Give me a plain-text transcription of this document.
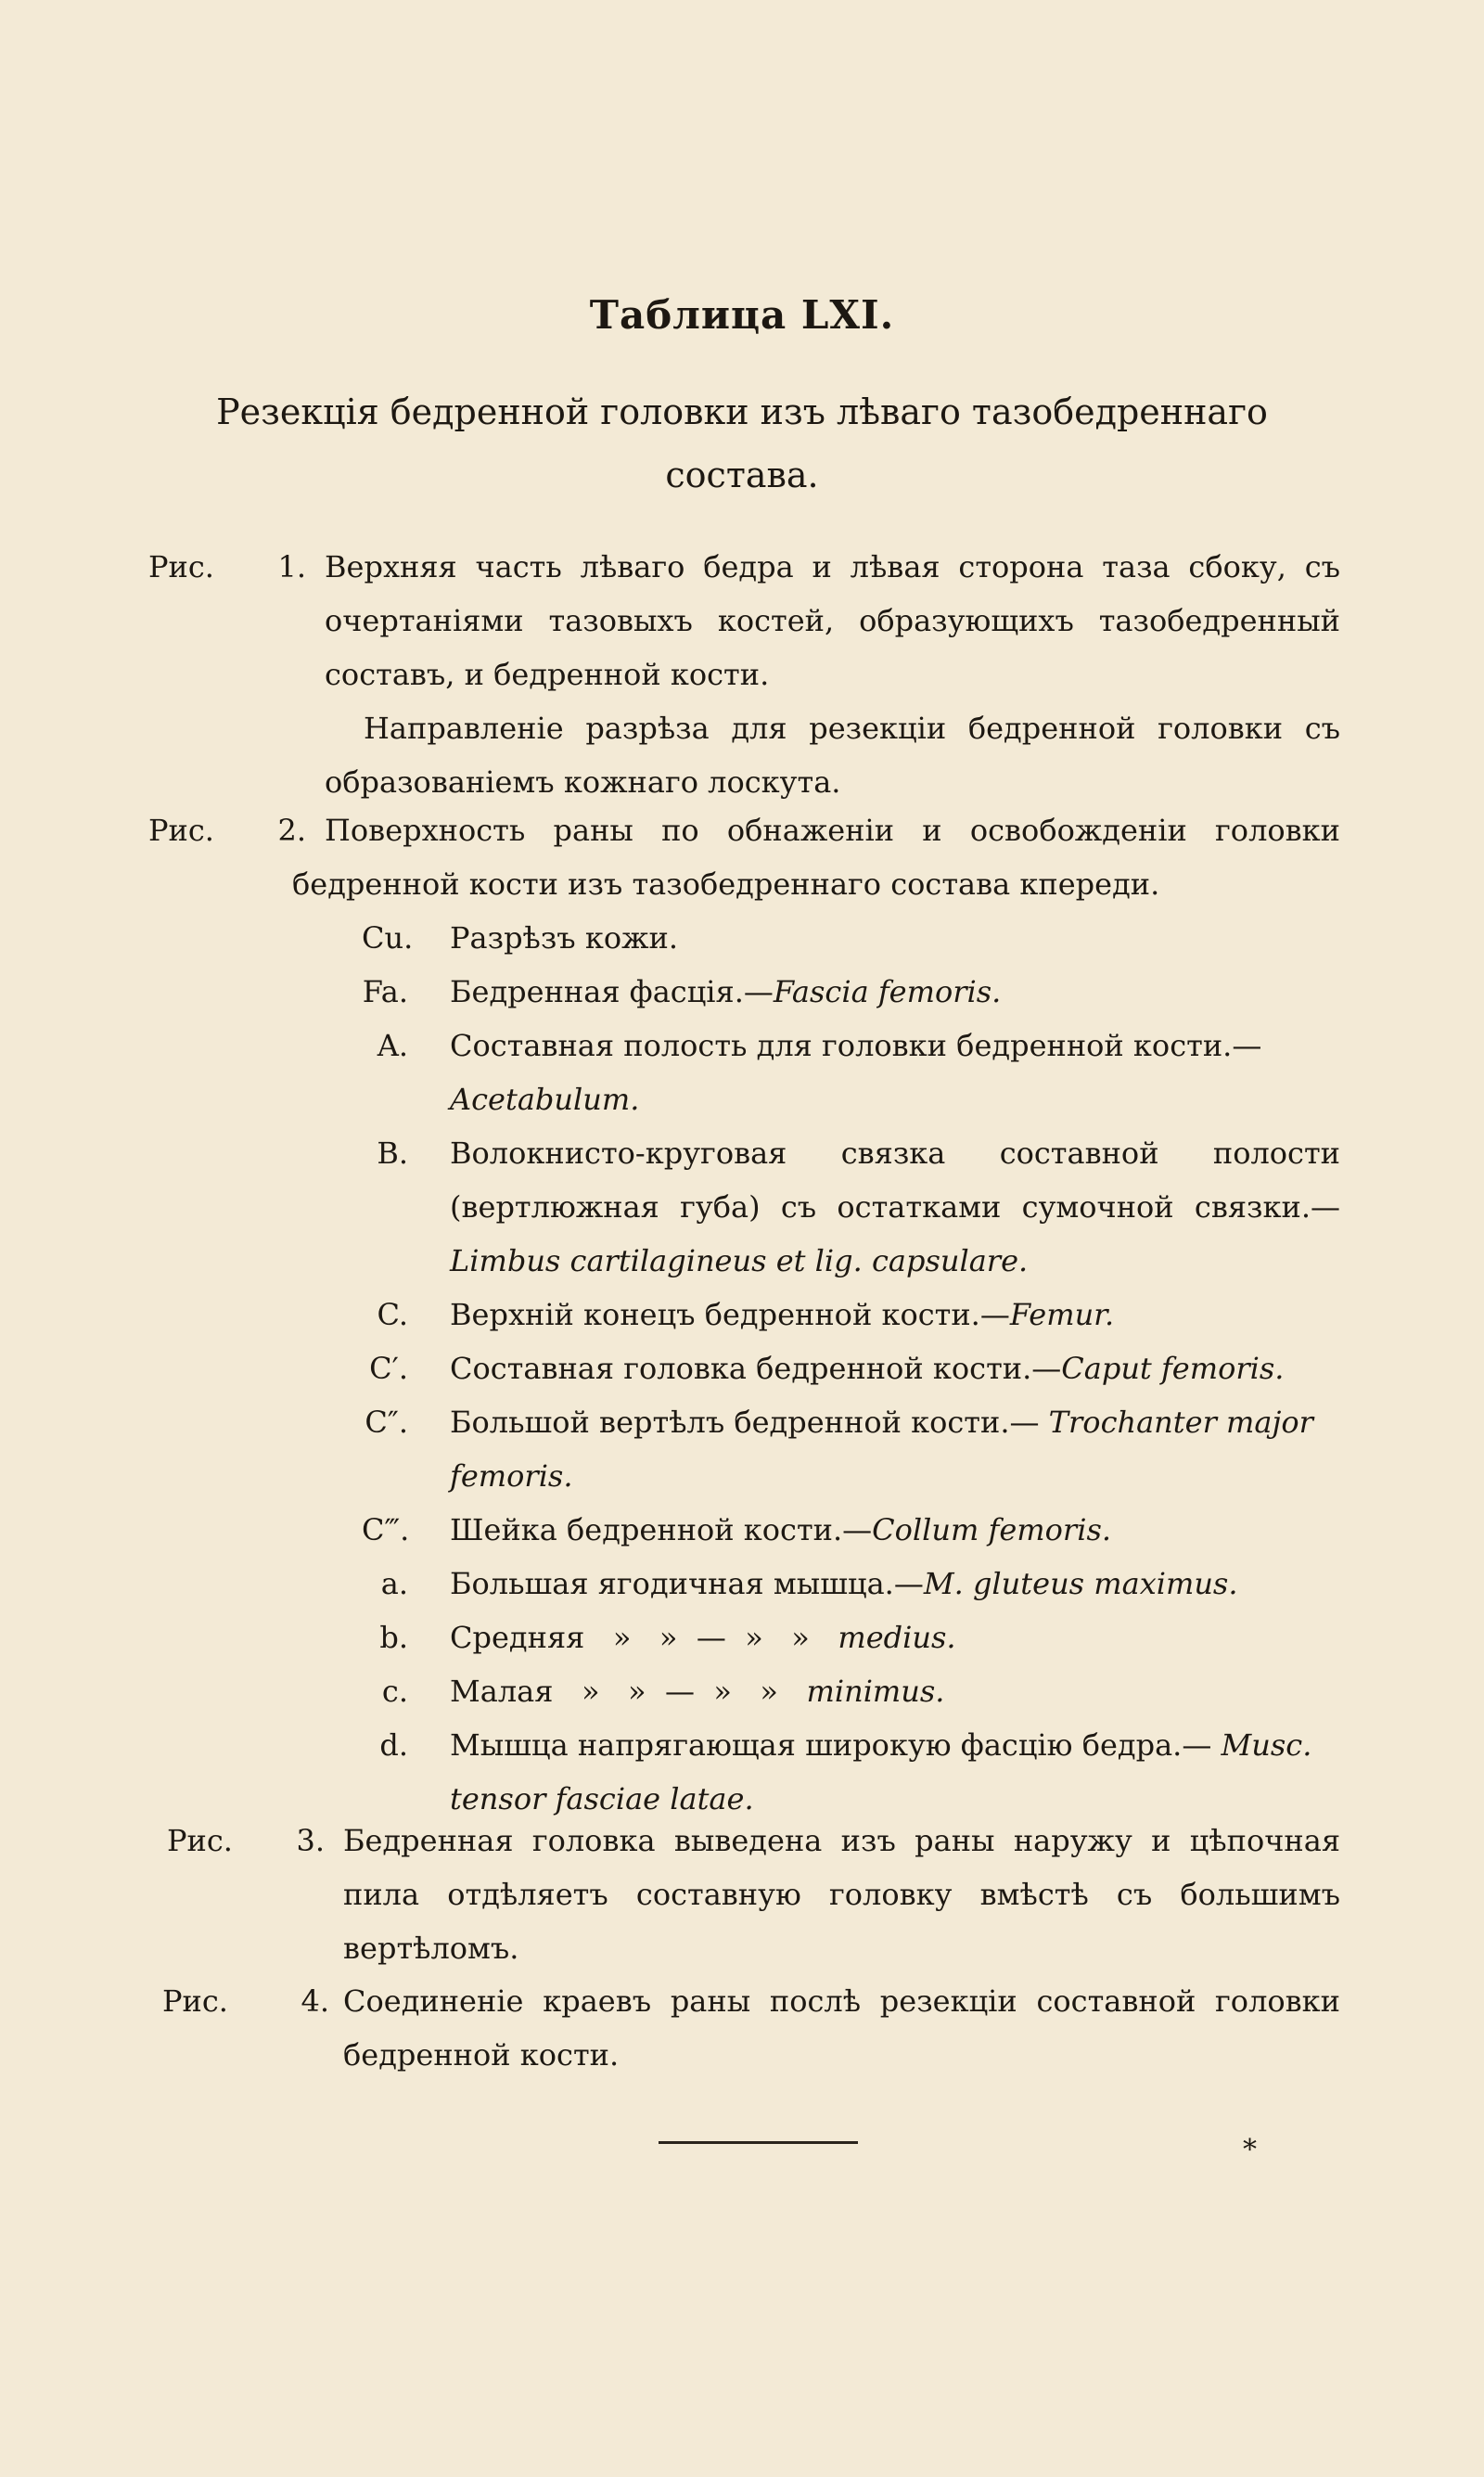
Таблица LXI.
Резекція бедренной головки изъ лѣваго тазобедреннаго
состава.
Рис. 1. Верхняя часть лѣваго бедра и лѣвая сторона таза сбоку, съ очертаніями тазовыхъ костей, образующихъ тазобедренный составъ, и бедренной кости.
Направленіе разрѣза для резекціи бедренной головки съ образованіемъ кожнаго лоскута.
Рис. 2. Поверхность раны по обнаженіи и освобожденіи головки бедренной кости изъ тазобедреннаго состава кпереди.
Cu. Разрѣзъ кожи.
Fa. Бедренная фасція.—Fascia femoris.
A. Составная полость для головки бедренной кости.— Acetabulum.
B. Волокнисто-круговая связка составной полости (вертлюжная губа) съ остатками сумочной связки.— Limbus cartilagineus et lig. capsulare.
C. Верхній конецъ бедренной кости.—Femur.
C′. Составная головка бедренной кости.—Caput femoris.
C″. Большой вертѣлъ бедренной кости.— Trochanter major femoris.
C‴. Шейка бедренной кости.—Collum femoris.
a. Большая ягодичная мышца.—M. gluteus maximus.
b. Средняя   »   »  —  »   » medius.
c. Малая   »   »  —  »   » minimus.
d. Мышца напрягающая широкую фасцію бедра.— Musc. tensor fasciae latae.
Рис. 3. Бедренная головка выведена изъ раны наружу и цѣпочная пила отдѣляетъ составную головку вмѣстѣ съ большимъ вертѣломъ.
Рис. 4. Соединеніе краевъ раны послѣ резекціи составной головки бедренной кости.
*
